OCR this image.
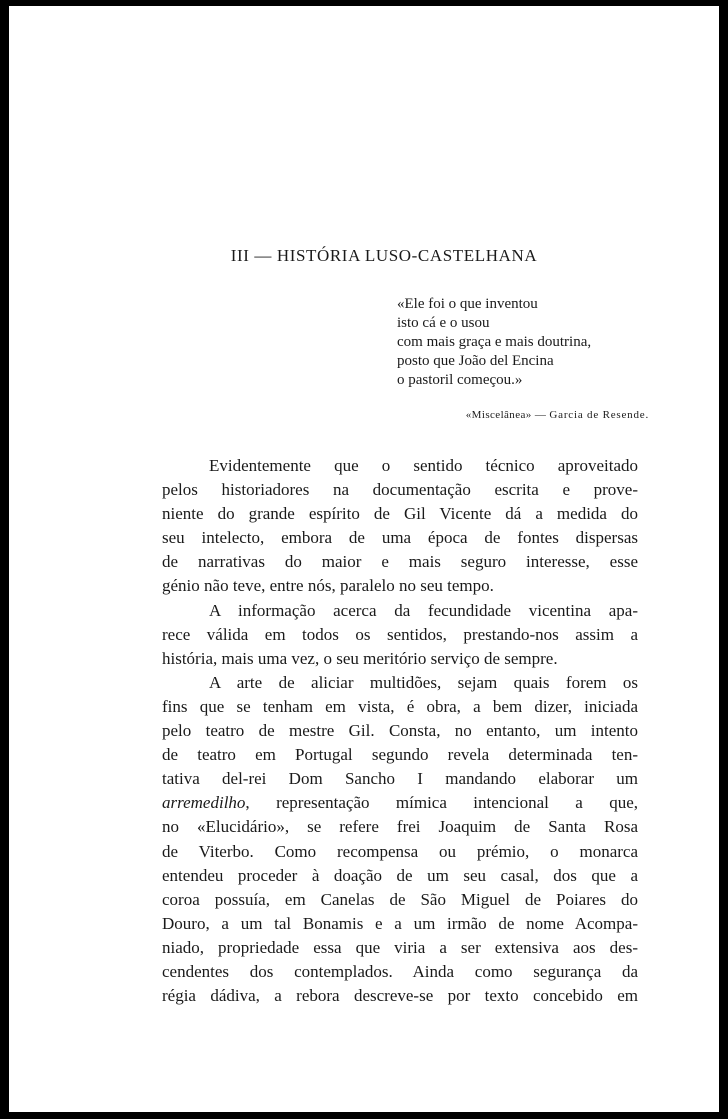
III — HISTÓRIA LUSO-CASTELHANA
«Ele foi o que inventou
isto cá e o usou
com mais graça e mais doutrina,
posto que João del Encina
o pastoril começou.»
«Miscelânea» — Garcia de Resende.
Evidentemente que o sentido técnico aproveitado
pelos historiadores na documentação escrita e prove-
niente do grande espírito de Gil Vicente dá a medida do
seu intelecto, embora de uma época de fontes dispersas
de narrativas do maior e mais seguro interesse, esse
génio não teve, entre nós, paralelo no seu tempo.
A informação acerca da fecundidade vicentina apa-
rece válida em todos os sentidos, prestando-nos assim a
história, mais uma vez, o seu meritório serviço de sempre.
A arte de aliciar multidões, sejam quais forem os
fins que se tenham em vista, é obra, a bem dizer, iniciada
pelo teatro de mestre Gil. Consta, no entanto, um intento
de teatro em Portugal segundo revela determinada ten-
tativa del-rei Dom Sancho I mandando elaborar um
arremedilho, representação mímica intencional a que,
no «Elucidário», se refere frei Joaquim de Santa Rosa
de Viterbo. Como recompensa ou prémio, o monarca
entendeu proceder à doação de um seu casal, dos que a
coroa possuía, em Canelas de São Miguel de Poiares do
Douro, a um tal Bonamis e a um irmão de nome Acompa-
niado, propriedade essa que viria a ser extensiva aos des-
cendentes dos contemplados. Ainda como segurança da
régia dádiva, a rebora descreve-se por texto concebido em
